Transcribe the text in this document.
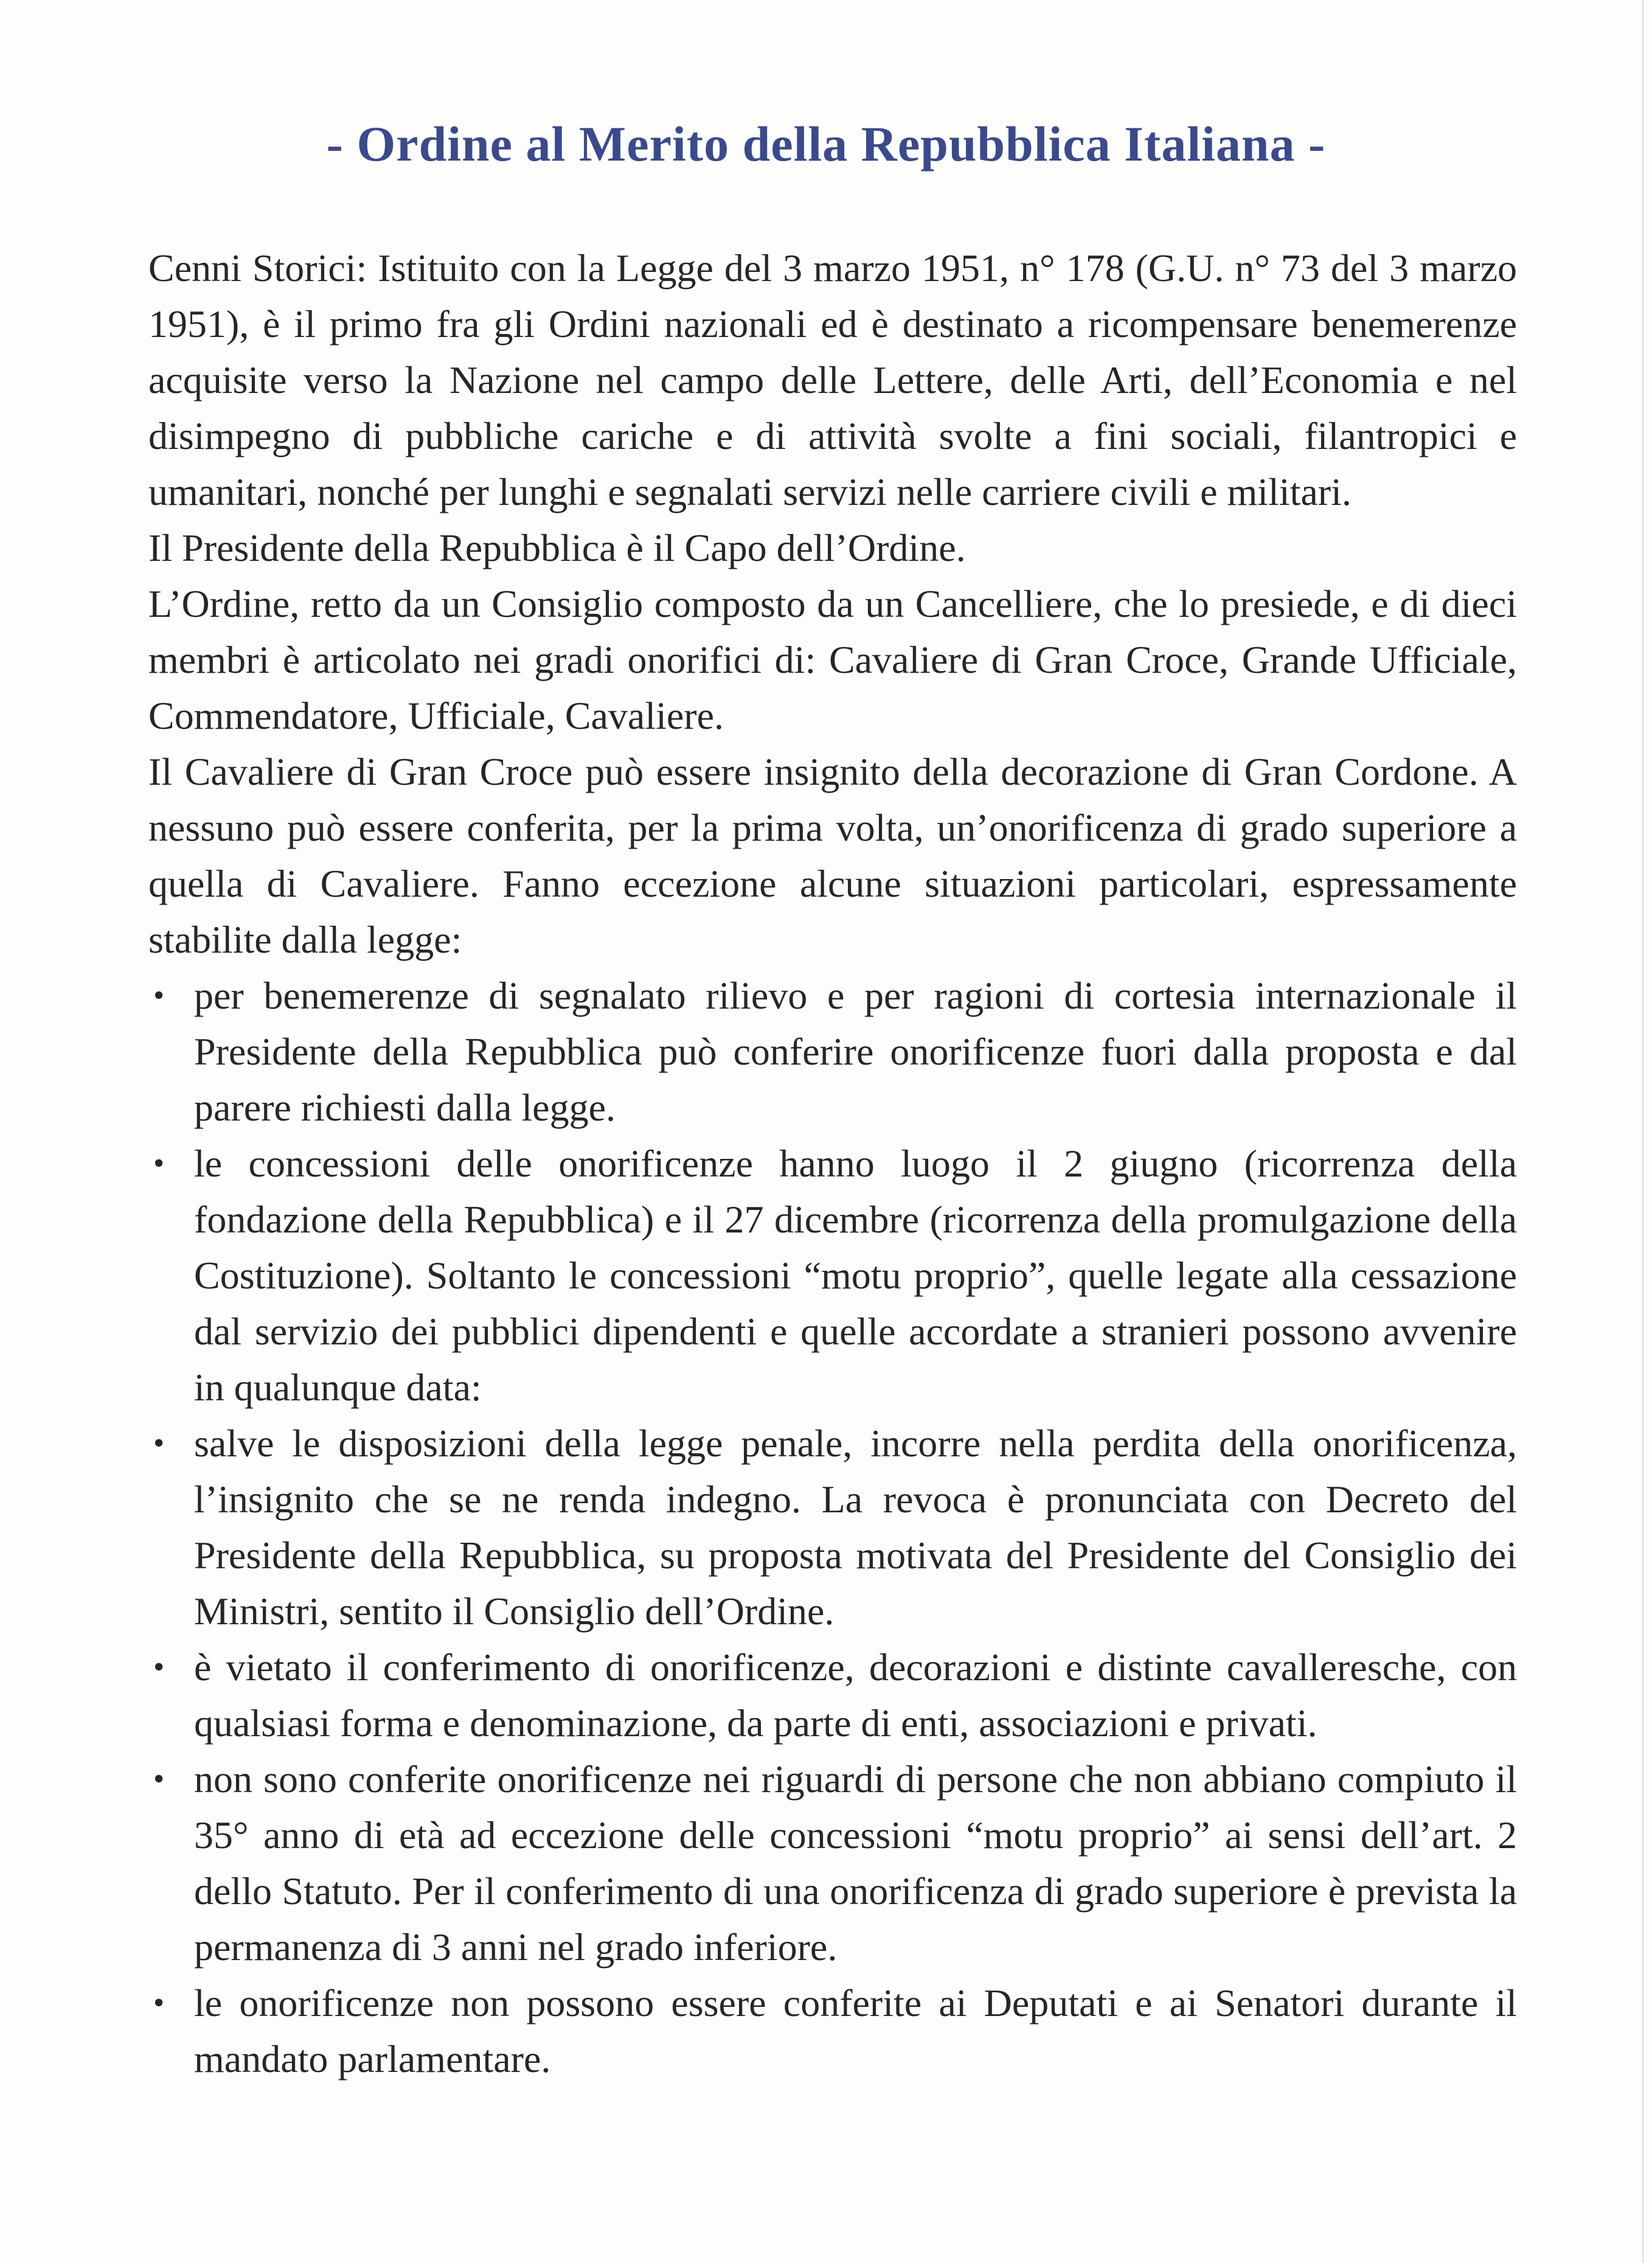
- Ordine al Merito della Repubblica Italiana -

Cenni Storici: Istituito con la Legge del 3 marzo 1951, n° 178 (G.U. n° 73 del 3 marzo 1951), è il primo fra gli Ordini nazionali ed è destinato a ricompensare benemerenze acquisite verso la Nazione nel campo delle Lettere, delle Arti, dell’Economia e nel disimpegno di pubbliche cariche e di attività svolte a fini sociali, filantropici e umanitari, nonché per lunghi e segnalati servizi nelle carriere civili e militari.

Il Presidente della Repubblica è il Capo dell’Ordine.

L’Ordine, retto da un Consiglio composto da un Cancelliere, che lo presiede, e di dieci membri è articolato nei gradi onorifici di: Cavaliere di Gran Croce, Grande Ufficiale, Commendatore, Ufficiale, Cavaliere.

Il Cavaliere di Gran Croce può essere insignito della decorazione di Gran Cordone. A nessuno può essere conferita, per la prima volta, un’onorificenza di grado superiore a quella di Cavaliere. Fanno eccezione alcune situazioni particolari, espressamente stabilite dalla legge:

• per benemerenze di segnalato rilievo e per ragioni di cortesia internazionale il Presidente della Repubblica può conferire onorificenze fuori dalla proposta e dal parere richiesti dalla legge.
• le concessioni delle onorificenze hanno luogo il 2 giugno (ricorrenza della fondazione della Repubblica) e il 27 dicembre (ricorrenza della promulgazione della Costituzione). Soltanto le concessioni “motu proprio”, quelle legate alla cessazione dal servizio dei pubblici dipendenti e quelle accordate a stranieri possono avvenire in qualunque data:
• salve le disposizioni della legge penale, incorre nella perdita della onorificenza, l’insignito che se ne renda indegno. La revoca è pronunciata con Decreto del Presidente della Repubblica, su proposta motivata del Presidente del Consiglio dei Ministri, sentito il Consiglio dell’Ordine.
• è vietato il conferimento di onorificenze, decorazioni e distinte cavalleresche, con qualsiasi forma e denominazione, da parte di enti, associazioni e privati.
• non sono conferite onorificenze nei riguardi di persone che non abbiano compiuto il 35° anno di età ad eccezione delle concessioni “motu proprio” ai sensi dell’art. 2 dello Statuto. Per il conferimento di una onorificenza di grado superiore è prevista la permanenza di 3 anni nel grado inferiore.
• le onorificenze non possono essere conferite ai Deputati e ai Senatori durante il mandato parlamentare.
